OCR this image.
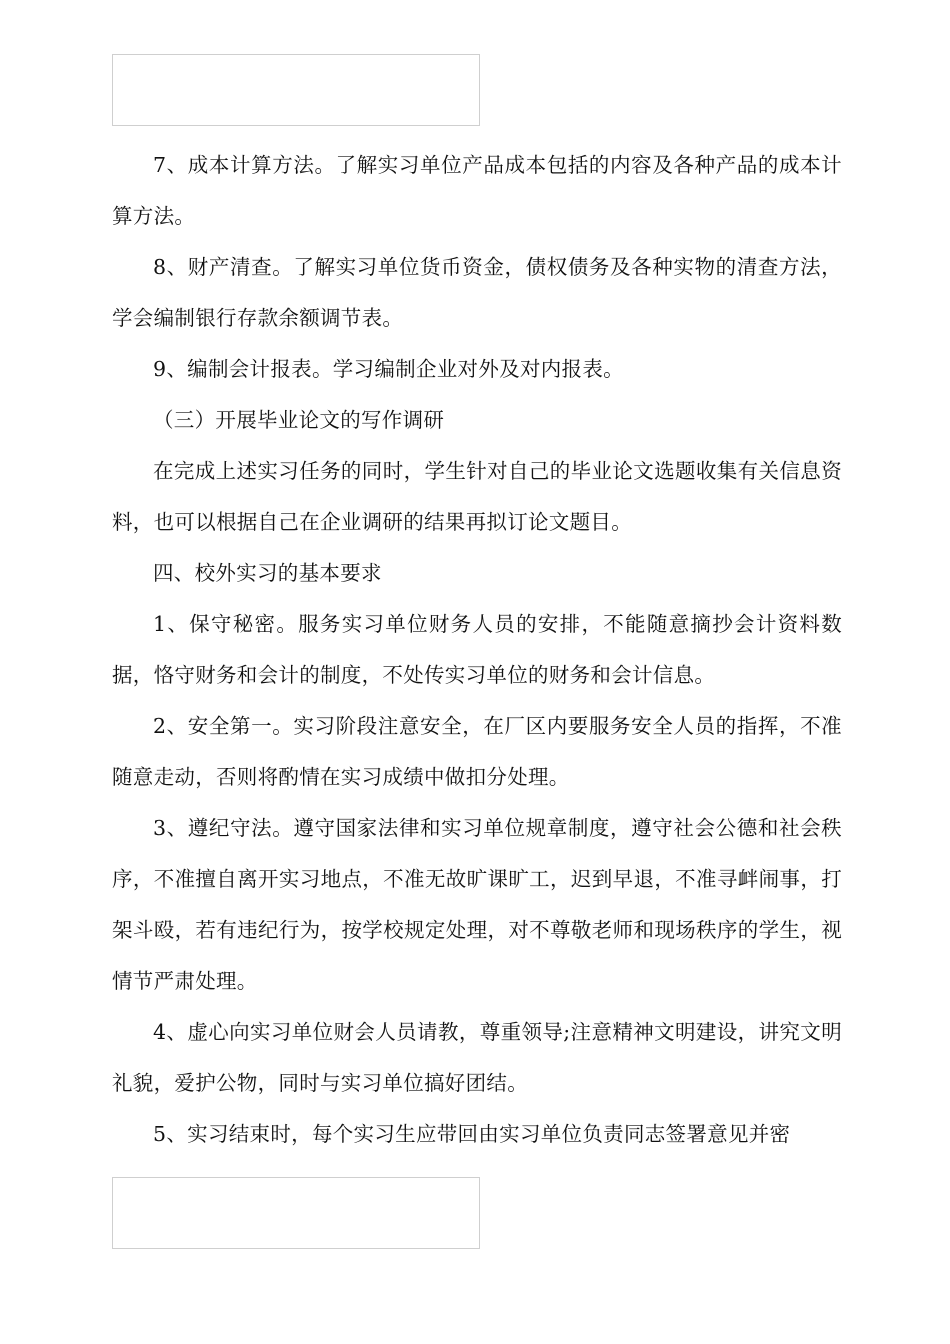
7、成本计算方法。了解实习单位产品成本包括的内容及各种产品的成本计算方法。

8、财产清查。了解实习单位货币资金，债权债务及各种实物的清查方法，学会编制银行存款余额调节表。

9、编制会计报表。学习编制企业对外及对内报表。

（三）开展毕业论文的写作调研

在完成上述实习任务的同时，学生针对自己的毕业论文选题收集有关信息资料，也可以根据自己在企业调研的结果再拟订论文题目。

四、校外实习的基本要求

1、保守秘密。服务实习单位财务人员的安排，不能随意摘抄会计资料数据，恪守财务和会计的制度，不处传实习单位的财务和会计信息。

2、安全第一。实习阶段注意安全，在厂区内要服务安全人员的指挥，不准随意走动，否则将酌情在实习成绩中做扣分处理。

3、遵纪守法。遵守国家法律和实习单位规章制度，遵守社会公德和社会秩序，不准擅自离开实习地点，不准无故旷课旷工，迟到早退，不准寻衅闹事，打架斗殴，若有违纪行为，按学校规定处理，对不尊敬老师和现场秩序的学生，视情节严肃处理。

4、虚心向实习单位财会人员请教，尊重领导;注意精神文明建设，讲究文明礼貌，爱护公物，同时与实习单位搞好团结。

5、实习结束时，每个实习生应带回由实习单位负责同志签署意见并密
